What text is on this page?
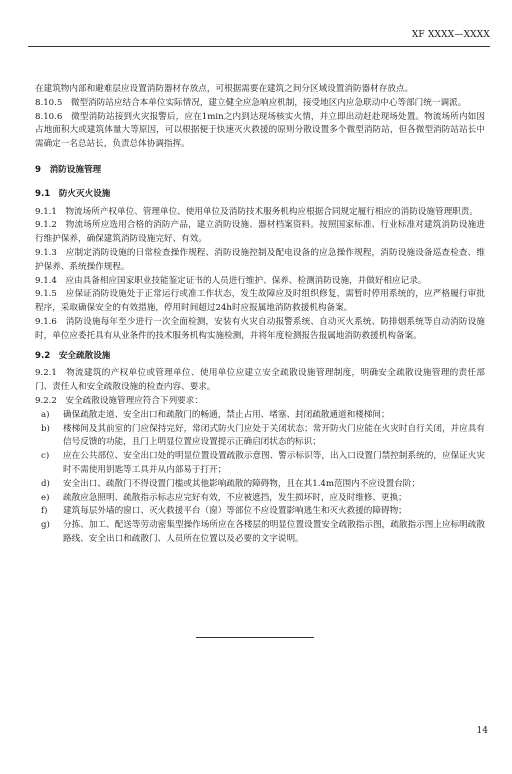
XF XXXX—XXXX

在建筑物内部和避难层应设置消防器材存放点，可根据需要在建筑之间分区域设置消防器材存放点。

8.10.5　微型消防站应结合本单位实际情况，建立健全应急响应机制，接受地区内应急联动中心等部门统一调派。

8.10.6　微型消防站接到火灾报警后，应在1min之内到达现场核实火情，并立即出动赶赴现场处置。物流场所内如因占地面积大或建筑体量大等原因，可以根据便于快速灭火救援的原则分散设置多个微型消防站，但各微型消防站站长中需确定一名总站长，负责总体协调指挥。

9　消防设施管理

9.1　防火灭火设施

9.1.1　物流场所产权单位、管理单位、使用单位及消防技术服务机构应根据合同规定履行相应的消防设施管理职责。

9.1.2　物流场所应选用合格的消防产品，建立消防设施、器材档案资料。按照国家标准、行业标准对建筑消防设施进行维护保养，确保建筑消防设施完好、有效。

9.1.3　应制定消防设施的日常检查操作规程、消防设施控制及配电设备的应急操作规程，消防设施设备巡查检查、维护保养、系统操作规程。

9.1.4　应由具备相应国家职业技能鉴定证书的人员进行维护、保养、检测消防设施，并做好相应记录。

9.1.5　应保证消防设施处于正常运行或准工作状态，发生故障应及时组织修复，需暂时停用系统的，应严格履行审批程序，采取确保安全的有效措施，停用时间超过24h时应报属地消防救援机构备案。

9.1.6　消防设施每年至少进行一次全面检测，安装有火灾自动报警系统、自动灭火系统、防排烟系统等自动消防设施时，单位应委托具有从业条件的技术服务机构实施检测，并将年度检测报告报属地消防救援机构备案。

9.2　安全疏散设施

9.2.1　物流建筑的产权单位或管理单位、使用单位应建立安全疏散设施管理制度，明确安全疏散设施管理的责任部门、责任人和安全疏散设施的检查内容、要求。

9.2.2　安全疏散设施管理应符合下列要求：

a)	确保疏散走道、安全出口和疏散门的畅通，禁止占用、堵塞、封闭疏散通道和楼梯间；
b)	楼梯间及其前室的门应保持完好，常闭式防火门应处于关闭状态；常开防火门应能在火灾时自行关闭，并应具有信号反馈的功能，且门上明显位置应设置提示正确启闭状态的标识；
c)	应在公共部位、安全出口处的明显位置设置疏散示意图、警示标识等，出入口设置门禁控制系统的，应保证火灾时不需使用钥匙等工具并从内部易于打开；
d)	安全出口、疏散门不得设置门槛或其他影响疏散的障碍物，且在其1.4m范围内不应设置台阶；
e)	疏散应急照明、疏散指示标志应完好有效，不应被遮挡，发生损坏时，应及时维修、更换；
f)	建筑每层外墙的窗口、灭火救援平台（窗）等部位不应设置影响逃生和灭火救援的障碍物；
g)	分拣、加工、配送等劳动密集型操作场所应在各楼层的明显位置设置安全疏散指示图，疏散指示图上应标明疏散路线、安全出口和疏散门、人员所在位置以及必要的文字说明。
14
